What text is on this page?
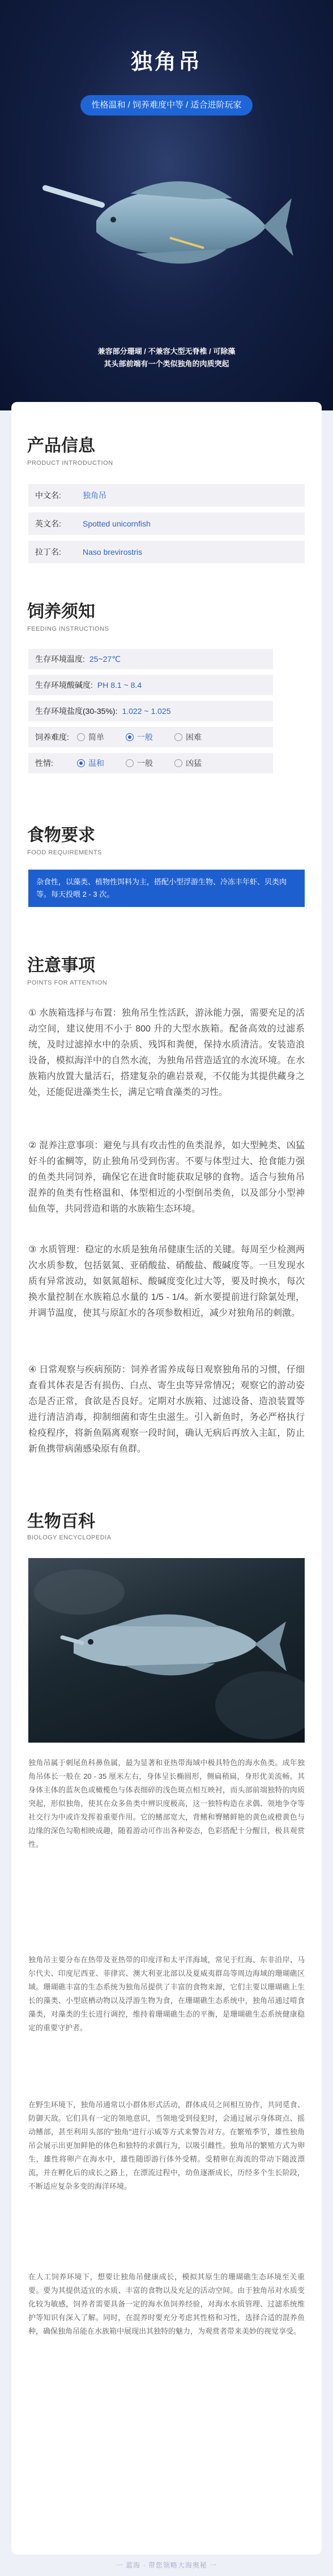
独角吊
性格温和 / 饲养难度中等 / 适合进阶玩家
兼容部分珊瑚 / 不兼容大型无脊椎 / 可除藻
其头部前端有一个类似独角的肉质突起
产品信息
PRODUCT INTRODUCTION
中文名:	独角吊
英文名:	Spotted unicornfish
拉丁名:	Naso brevirostris
饲养须知
FEEDING INSTRUCTIONS
生存环境温度: 25~27℃
生存环境酸碱度: PH 8.1 ~ 8.4
生存环境盐度(30-35%): 1.022 ~ 1.025
饲养难度:	简单	一般	困难
性情:	温和	一般	凶猛
食物要求
FOOD REQUIREMENTS
杂食性，以藻类、植物性饵料为主，搭配小型浮游生物、冷冻丰年虾、贝类肉等。每天投喂 2 - 3 次。
注意事项
POINTS FOR ATTENTION
① 水族箱选择与布置：独角吊生性活跃，游泳能力强，需要充足的活动空间，建议使用不小于 800 升的大型水族箱。配备高效的过滤系统，及时过滤掉水中的杂质、残饵和粪便，保持水质清洁。安装造浪设备，模拟海洋中的自然水流，为独角吊营造适宜的水流环境。在水族箱内放置大量活石，搭建复杂的礁岩景观，不仅能为其提供藏身之处，还能促进藻类生长，满足它啃食藻类的习性。
② 混养注意事项：避免与具有攻击性的鱼类混养，如大型鲀类、凶猛好斗的雀鲷等，防止独角吊受到伤害。不要与体型过大、抢食能力强的鱼类共同饲养，确保它在进食时能获取足够的食物。适合与独角吊混养的鱼类有性格温和、体型相近的小型倒吊类鱼，以及部分小型神仙鱼等，共同营造和谐的水族箱生态环境。
③ 水质管理：稳定的水质是独角吊健康生活的关键。每周至少检测两次水质参数，包括氨氮、亚硝酸盐、硝酸盐、酸碱度等。一旦发现水质有异常波动，如氨氮超标、酸碱度变化过大等，要及时换水，每次换水量控制在水族箱总水量的 1/5 - 1/4。新水要提前进行除氯处理，并调节温度，使其与原缸水的各项参数相近，减少对独角吊的刺激。
④ 日常观察与疾病预防：饲养者需养成每日观察独角吊的习惯，仔细查看其体表是否有损伤、白点、寄生虫等异常情况；观察它的游动姿态是否正常，食欲是否良好。定期对水族箱、过滤设备、造浪装置等进行清洁消毒，抑制细菌和寄生虫滋生。引入新鱼时，务必严格执行检疫程序，将新鱼隔离观察一段时间，确认无病后再放入主缸，防止新鱼携带病菌感染原有鱼群。
生物百科
BIOLOGY ENCYCLOPEDIA
独角吊属于刺尾鱼科鼻鱼属，最为显著和亚热带海域中极具特色的海水鱼类。成年独角吊体长一般在 20 - 35 厘米左右，身体呈长椭圆形，侧扁稍扁，身形优美流畅。其身体主体的蓝灰色或橄榄色与体表细碎的浅色斑点相互映衬，而头部前端独特的肉质突起，形似独角，使其在众多鱼类中辨识度极高，这一独特构造在求偶、领地争夺等社交行为中或许发挥着重要作用。它的鳍部宽大，背鳍和臀鳍鲜艳的黄色或橙黄色与边缘的深色勾勒相映成趣，随着游动可作出各种姿态，色彩搭配十分醒目，极具观赏性。
独角吊主要分布在热带及亚热带的印度洋和太平洋海域，常见于红海、东非沿岸、马尔代夫、印度尼西亚、菲律宾、澳大利亚北部以及夏威夷群岛等周边海域的珊瑚礁区域。珊瑚礁丰富的生态系统为独角吊提供了丰富的食物来源，它们主要以珊瑚礁上生长的藻类、小型底栖动物以及浮游生物为食，在珊瑚礁生态系统中，独角吊通过啃食藻类，对藻类的生长进行调控，维持着珊瑚礁生态的平衡，是珊瑚礁生态系统健康稳定的重要守护者。
在野生环境下，独角吊通常以小群体形式活动，群体成员之间相互协作，共同觅食、防御天敌。它们具有一定的领地意识，当领地受到侵犯时，会通过展示身体斑点、摇动鳍部，甚至利用头部的"独角"进行示威等方式来警告对方。在繁殖季节，雄性独角吊会展示出更加鲜艳的体色和独特的求偶行为，以吸引雌性。独角吊的繁殖方式为卵生，雄性将卵产在海水中，雄性随即游行体外受精。受精卵在海流的带动下随波漂流，并在孵化后的成长之路上，在漂流过程中，幼鱼逐渐成长，历经多个生长阶段，不断适应复杂多变的海洋环境。
在人工饲养环境下，想要让独角吊健康成长，模拟其原生的珊瑚礁生态环境至关重要。要为其提供适宜的水质、丰富的食物以及充足的活动空间。由于独角吊对水质变化较为敏感，饲养者需要具备一定的海水鱼饲养经验，对海水水质管理、过滤系统维护等知识有深入了解。同时，在混养时要充分考虑其性格和习性，选择合适的混养鱼种，确保独角吊能在水族箱中展现出其独特的魅力，为观赏者带来美妙的视觉享受。
一 蓝海 · 带您领略大海奥秘 一
